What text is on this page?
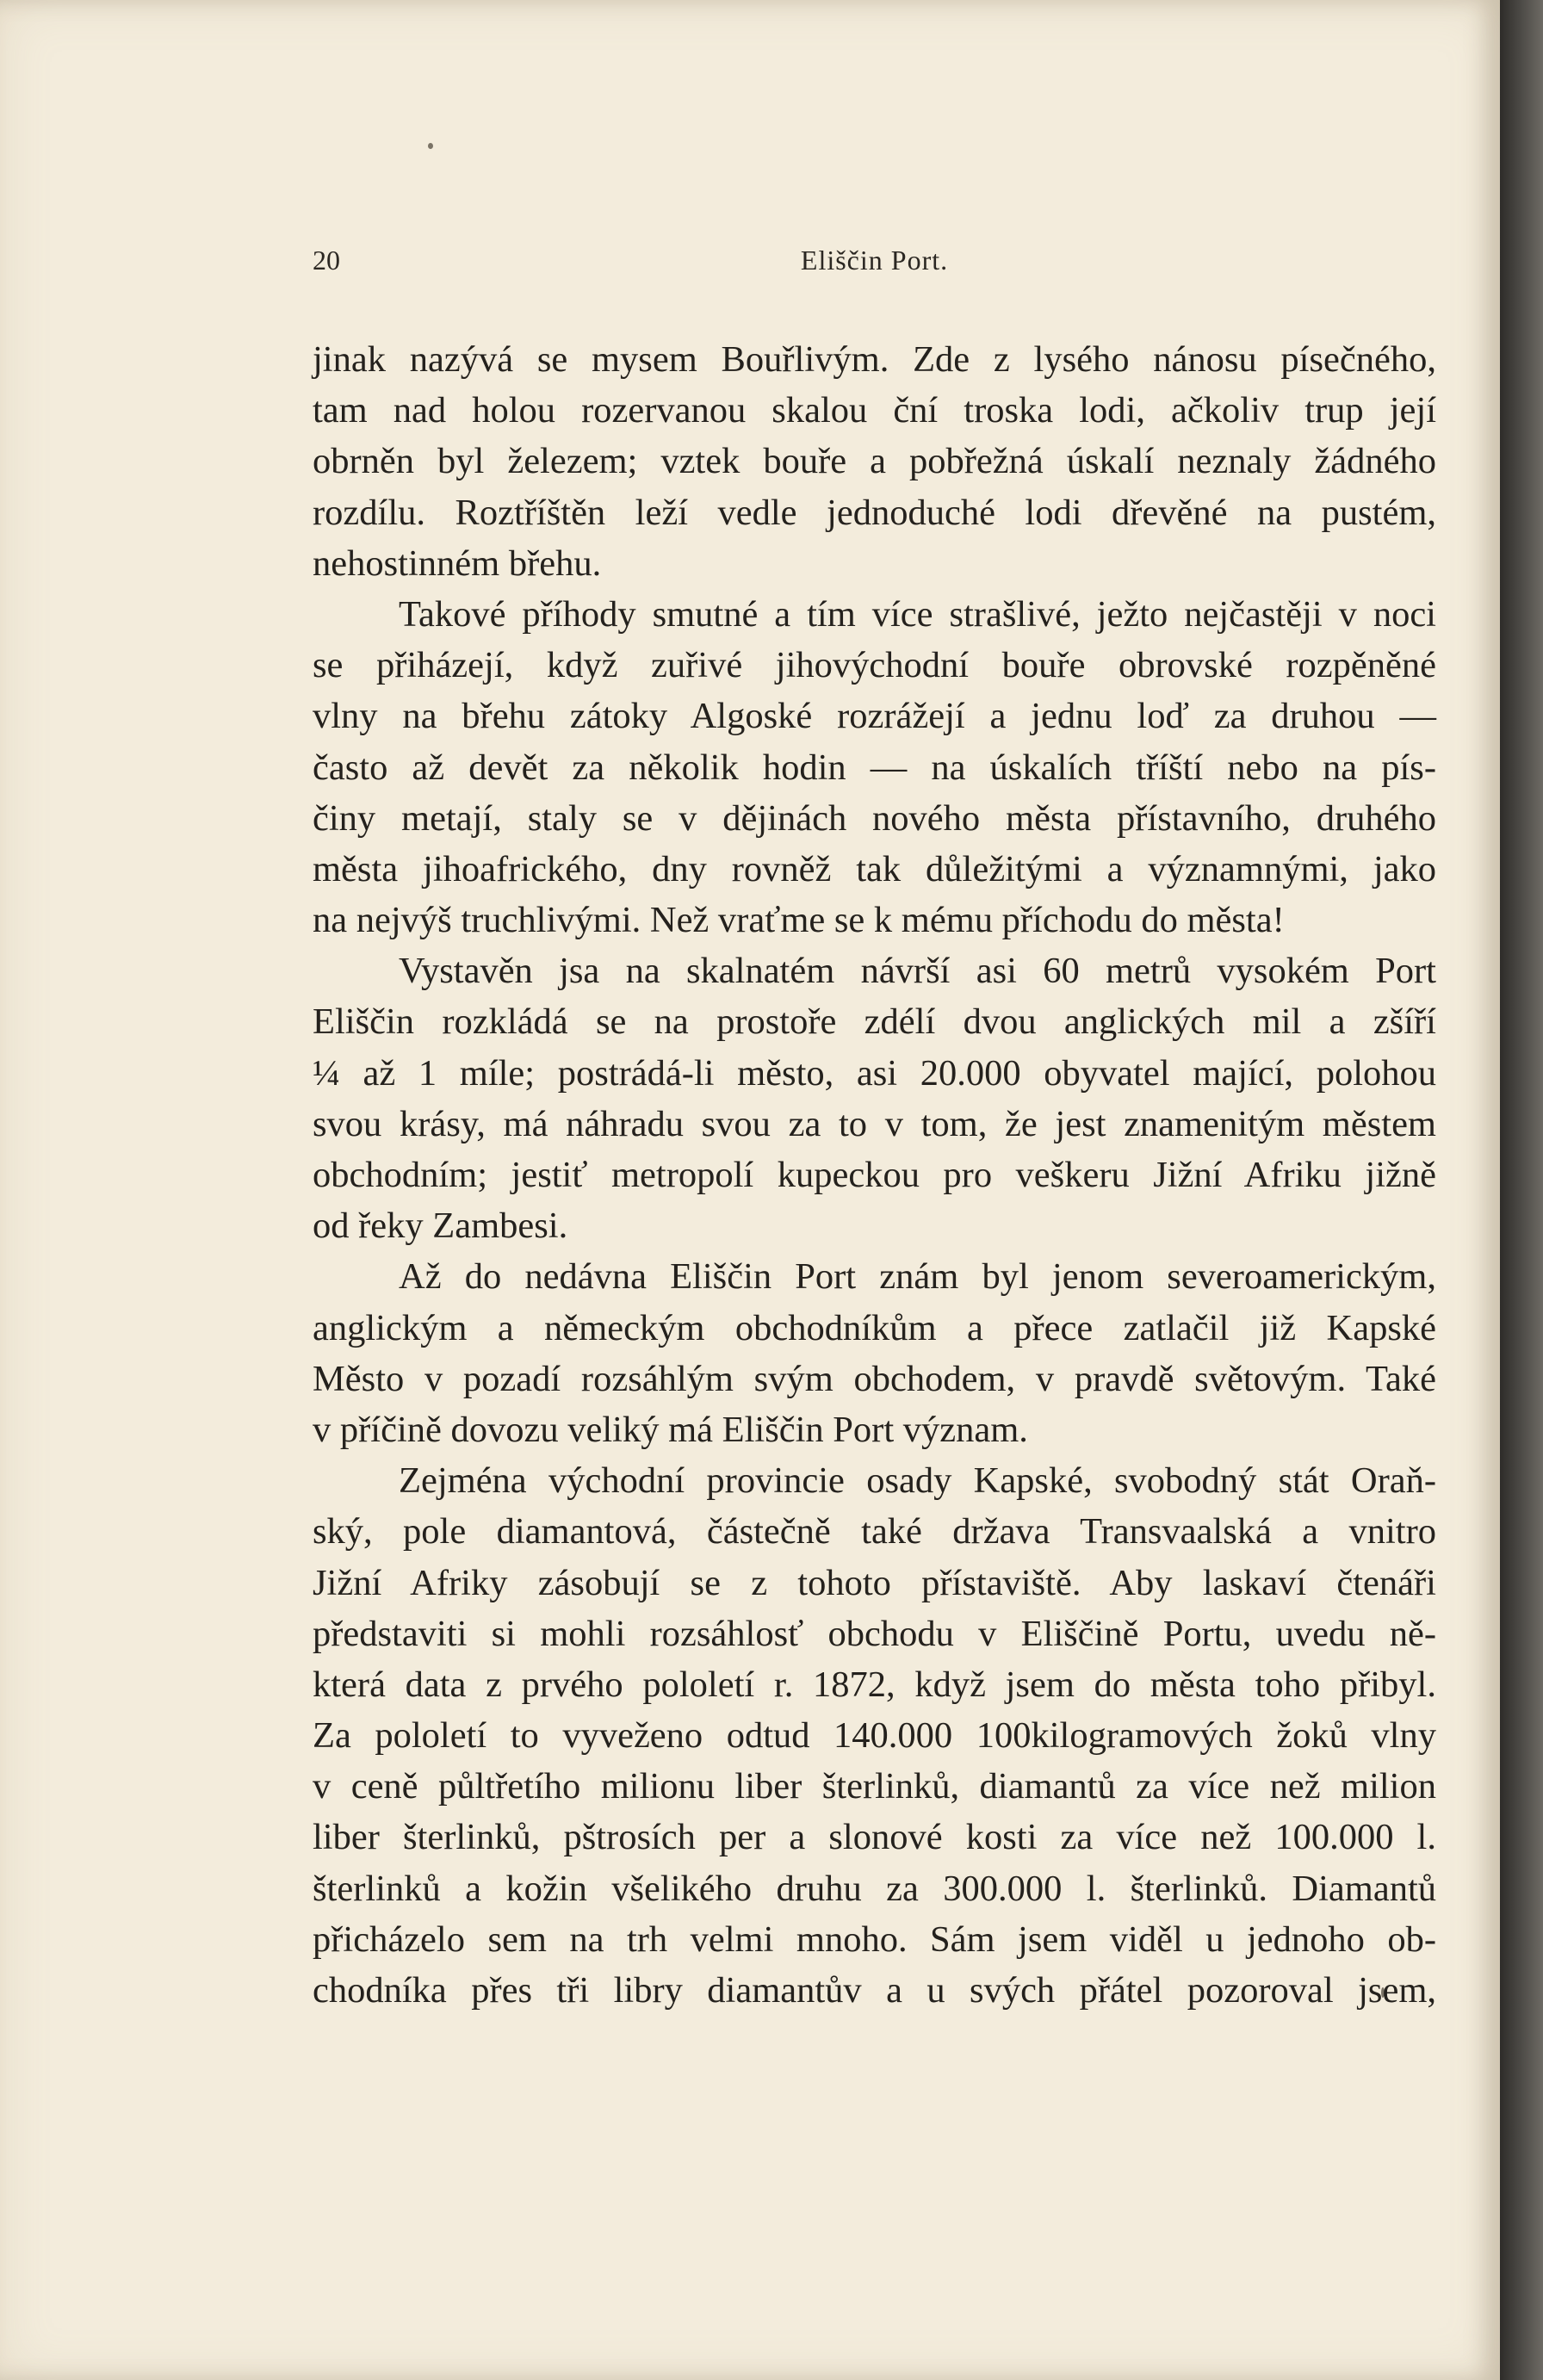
20	Eliščin Port.
jinak nazývá se mysem Bouřlivým. Zde z lysého nánosu písečného,
tam nad holou rozervanou skalou ční troska lodi, ačkoliv trup její
obrněn byl železem; vztek bouře a pobřežná úskalí neznaly žádného
rozdílu. Roztříštěn leží vedle jednoduché lodi dřevěné na pustém,
nehostinném břehu.
Takové příhody smutné a tím více strašlivé, ježto nejčastěji v noci
se přiházejí, když zuřivé jihovýchodní bouře obrovské rozpěněné
vlny na břehu zátoky Algoské rozrážejí a jednu loď za druhou —
často až devět za několik hodin — na úskalích tříští nebo na pís-
činy metají, staly se v dějinách nového města přístavního, druhého
města jihoafrického, dny rovněž tak důležitými a významnými, jako
na nejvýš truchlivými. Než vraťme se k mému příchodu do města!
Vystavěn jsa na skalnatém návrší asi 60 metrů vysokém Port
Eliščin rozkládá se na prostoře zdélí dvou anglických mil a zšíří
¼ až 1 míle; postrádá-li město, asi 20.000 obyvatel mající, polohou
svou krásy, má náhradu svou za to v tom, že jest znamenitým městem
obchodním; jestiť metropolí kupeckou pro veškeru Jižní Afriku jižně
od řeky Zambesi.
Až do nedávna Eliščin Port znám byl jenom severoamerickým,
anglickým a německým obchodníkům a přece zatlačil již Kapské
Město v pozadí rozsáhlým svým obchodem, v pravdě světovým. Také
v příčině dovozu veliký má Eliščin Port význam.
Zejména východní provincie osady Kapské, svobodný stát Oraň-
ský, pole diamantová, částečně také država Transvaalská a vnitro
Jižní Afriky zásobují se z tohoto přístaviště. Aby laskaví čtenáři
představiti si mohli rozsáhlosť obchodu v Eliščině Portu, uvedu ně-
která data z prvého pololetí r. 1872, když jsem do města toho přibyl.
Za pololetí to vyveženo odtud 140.000 100kilogramových žoků vlny
v ceně půltřetího milionu liber šterlinků, diamantů za více než milion
liber šterlinků, pštrosích per a slonové kosti za více než 100.000 l.
šterlinků a kožin všelikého druhu za 300.000 l. šterlinků. Diamantů
přicházelo sem na trh velmi mnoho. Sám jsem viděl u jednoho ob-
chodníka přes tři libry diamantův a u svých přátel pozoroval jsem,
